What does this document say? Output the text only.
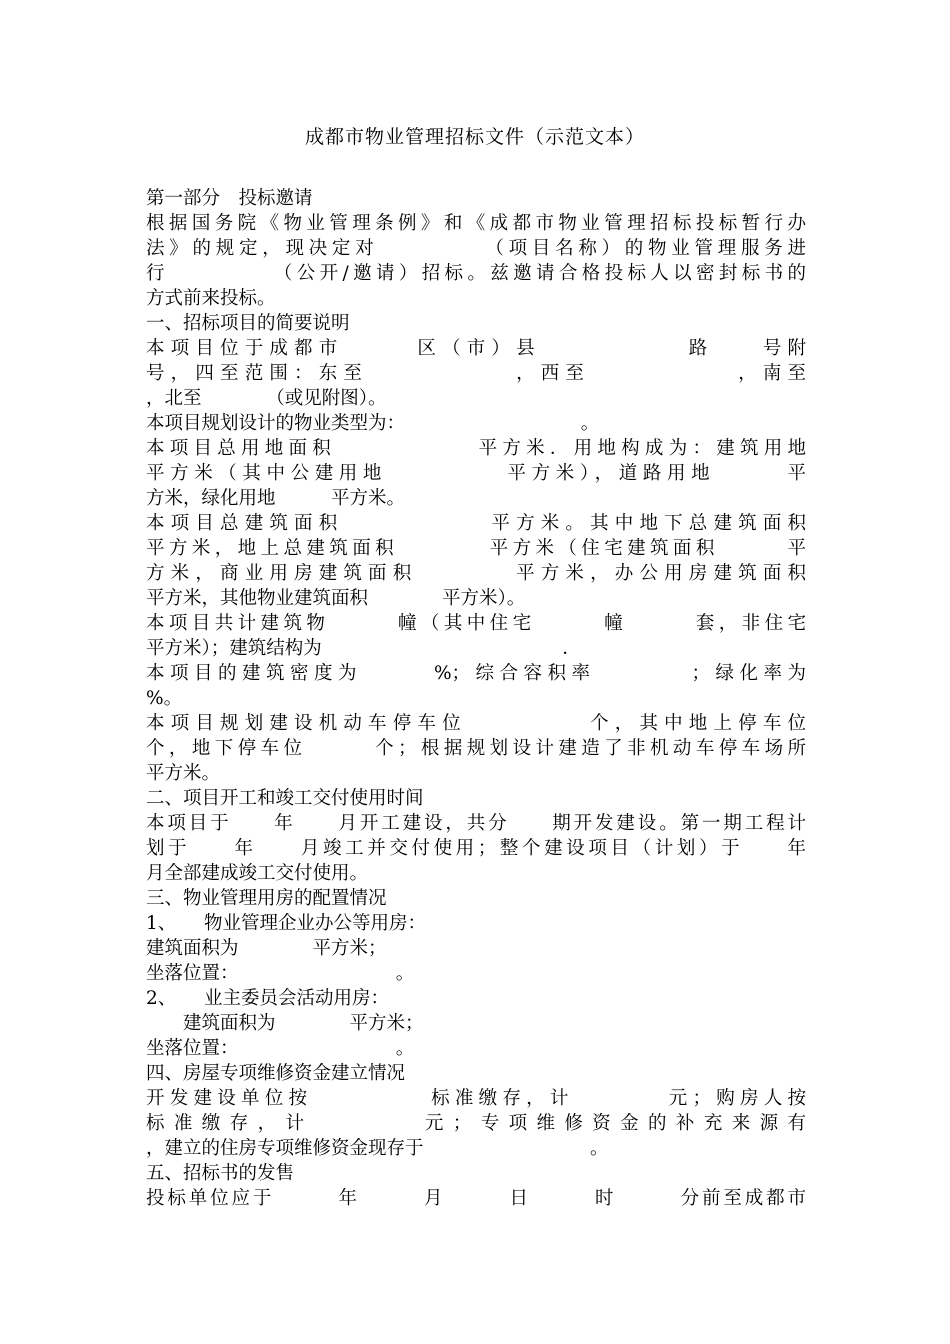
成都市物业管理招标文件（示范文本）
第一部分　投标邀请
根据国务院《物业管理条例》和《成都市物业管理招标投标暂行办
法》的规定，现决定对　　　　　（项目名称）的物业管理服务进
行　　　　　（公开/邀请）招标。兹邀请合格投标人以密封标书的
方式前来投标。
一、招标项目的简要说明
本项目位于成都市　　　区（市）县　　　　　　路　　号附
号，四至范围：东至　　　　　　，西至　　　　　　，南至
，北至　　　　（或见附图）。
本项目规划设计的物业类型为：　　　　　　　　　　。
本项目总用地面积　　　　　　平方米．用地构成为：建筑用地
平方米（其中公建用地　　　　　平方米），道路用地　　　平
方米，绿化用地　　　平方米。
本项目总建筑面积　　　　　　平方米。其中地下总建筑面积
平方米，地上总建筑面积　　　　平方米（住宅建筑面积　　　平
方米，商业用房建筑面积　　　　平方米，办公用房建筑面积
平方米，其他物业建筑面积　　　　平方米）。
本项目共计建筑物　　　幢（其中住宅　　　幢　　　套，非住宅
平方米）；建筑结构为　　　　　　　　　　　　　．
本项目的建筑密度为　　　%；综合容积率　　　　；绿化率为
%。
本项目规划建设机动车停车位　　　　　个，其中地上停车位
个，地下停车位　　　个；根据规划设计建造了非机动车停车场所
平方米。
二、项目开工和竣工交付使用时间
本项目于　　年　　月开工建设，共分　　期开发建设。第一期工程计
划于　　年　　月竣工并交付使用；整个建设项目（计划）于　　年
月全部建成竣工交付使用。
三、物业管理用房的配置情况
1、　　物业管理企业办公等用房：
建筑面积为　　　　平方米；
坐落位置：　　　　　　　　　。
2、　　业主委员会活动用房：
　　建筑面积为　　　　平方米；
坐落位置：　　　　　　　　　。
四、房屋专项维修资金建立情况
开发建设单位按　　　　　标准缴存，计　　　　元；购房人按
标准缴存，计　　　　元；专项维修资金的补充来源有
，建立的住房专项维修资金现存于　　　　　　　　　。
五、招标书的发售
投标单位应于　　　年　　　月　　　日　　　时　　　分前至成都市
